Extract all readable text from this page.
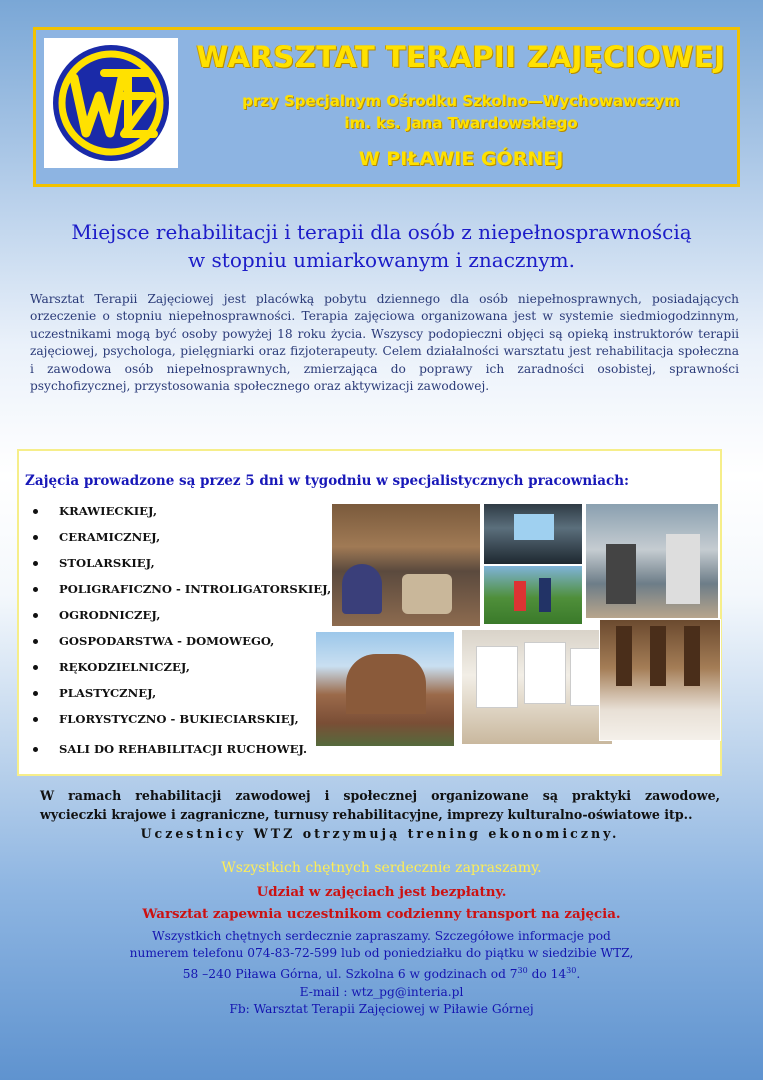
WARSZTAT TERAPII ZAJĘCIOWEJ
przy Specjalnym Ośrodku Szkolno—Wychowawczym
im. ks. Jana Twardowskiego
W PIŁAWIE GÓRNEJ
Miejsce rehabilitacji i terapii dla osób z niepełnosprawnością
w stopniu umiarkowanym i znacznym.
Warsztat Terapii Zajęciowej jest placówką pobytu dziennego dla osób niepełnosprawnych, posiadających orzeczenie o stopniu niepełnosprawności. Terapia zajęciowa organizowana jest w systemie siedmiogodzinnym, uczestnikami mogą być osoby powyżej 18 roku życia. Wszyscy podopieczni objęci są opieką instruktorów terapii zajęciowej, psychologa, pielęgniarki oraz fizjoterapeuty. Celem działalności warsztatu jest rehabilitacja społeczna i zawodowa osób niepełnosprawnych, zmierzająca do poprawy ich zaradności osobistej, sprawności psychofizycznej, przystosowania społecznego oraz aktywizacji zawodowej.
Zajęcia prowadzone są przez 5 dni w tygodniu w specjalistycznych pracowniach:
KRAWIECKIEJ,
CERAMICZNEJ,
STOLARSKIEJ,
POLIGRAFICZNO - INTROLIGATORSKIEJ,
OGRODNICZEJ,
GOSPODARSTWA - DOMOWEGO,
RĘKODZIELNICZEJ,
PLASTYCZNEJ,
FLORYSTYCZNO - BUKIECIARSKIEJ,
SALI DO REHABILITACJI RUCHOWEJ.
W ramach rehabilitacji zawodowej i społecznej organizowane są praktyki zawodowe,
wycieczki krajowe i zagraniczne, turnusy rehabilitacyjne, imprezy kulturalno-oświatowe itp..
Uczestnicy WTZ otrzymują trening ekonomiczny.
Wszystkich chętnych serdecznie zapraszamy.
Udział w zajęciach jest bezpłatny.
Warsztat zapewnia uczestnikom codzienny transport na zajęcia.
Wszystkich chętnych serdecznie zapraszamy. Szczegółowe informacje pod
numerem telefonu 074-83-72-599 lub od poniedziałku do piątku w siedzibie WTZ,
58 –240 Piława Górna, ul. Szkolna 6 w godzinach od $7^{30}$ do $14^{30}$.
E-mail : wtz_pg@interia.pl
Fb: Warsztat Terapii Zajęciowej w Piławie Górnej
